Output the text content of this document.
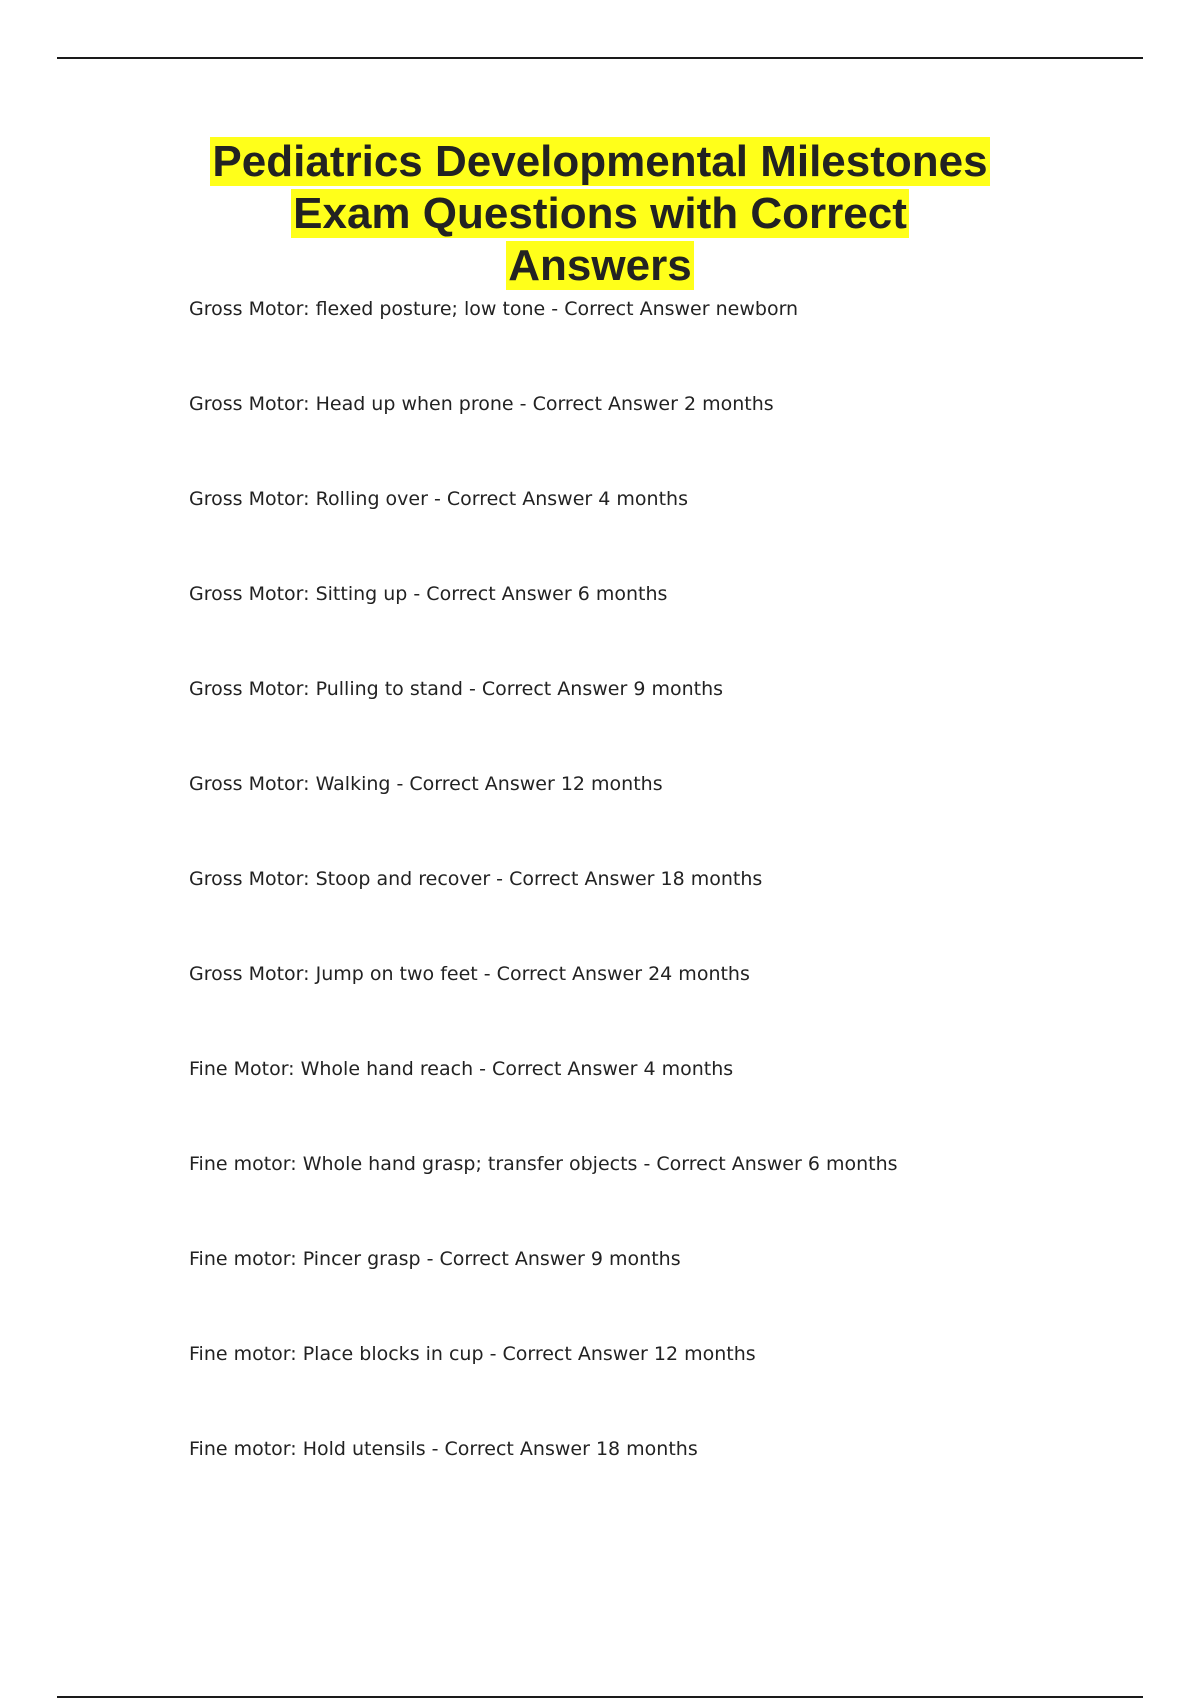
Pediatrics Developmental Milestones
Exam Questions with Correct
Answers
Gross Motor: flexed posture; low tone - Correct Answer newborn
Gross Motor: Head up when prone - Correct Answer 2 months
Gross Motor: Rolling over - Correct Answer 4 months
Gross Motor: Sitting up - Correct Answer 6 months
Gross Motor: Pulling to stand - Correct Answer 9 months
Gross Motor: Walking - Correct Answer 12 months
Gross Motor: Stoop and recover - Correct Answer 18 months
Gross Motor: Jump on two feet - Correct Answer 24 months
Fine Motor: Whole hand reach - Correct Answer 4 months
Fine motor: Whole hand grasp; transfer objects - Correct Answer 6 months
Fine motor: Pincer grasp - Correct Answer 9 months
Fine motor: Place blocks in cup - Correct Answer 12 months
Fine motor: Hold utensils - Correct Answer 18 months
